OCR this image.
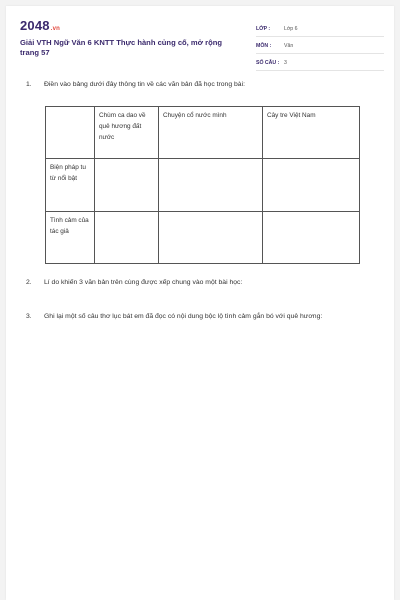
2048.vn
Giải VTH Ngữ Văn 6 KNTT Thực hành củng cố, mở rộng trang 57
LỚP :	Lớp 6
MÔN :	Văn
SỐ CÂU : 3
1.	Điền vào bảng dưới đây thông tin về các văn bản đã học trong bài:
	Chùm ca dao về quê hương đất nước	Chuyện cổ nước mình	Cây tre Việt Nam
Biện pháp tu từ nổi bật			
Tình cảm của tác giả			
2.	Lí do khiến 3 văn bản trên cùng được xếp chung vào một bài học:
3.	Ghi lại một số câu thơ lục bát em đã đọc có nội dung bộc lộ tình cảm gắn bó với quê hương:
